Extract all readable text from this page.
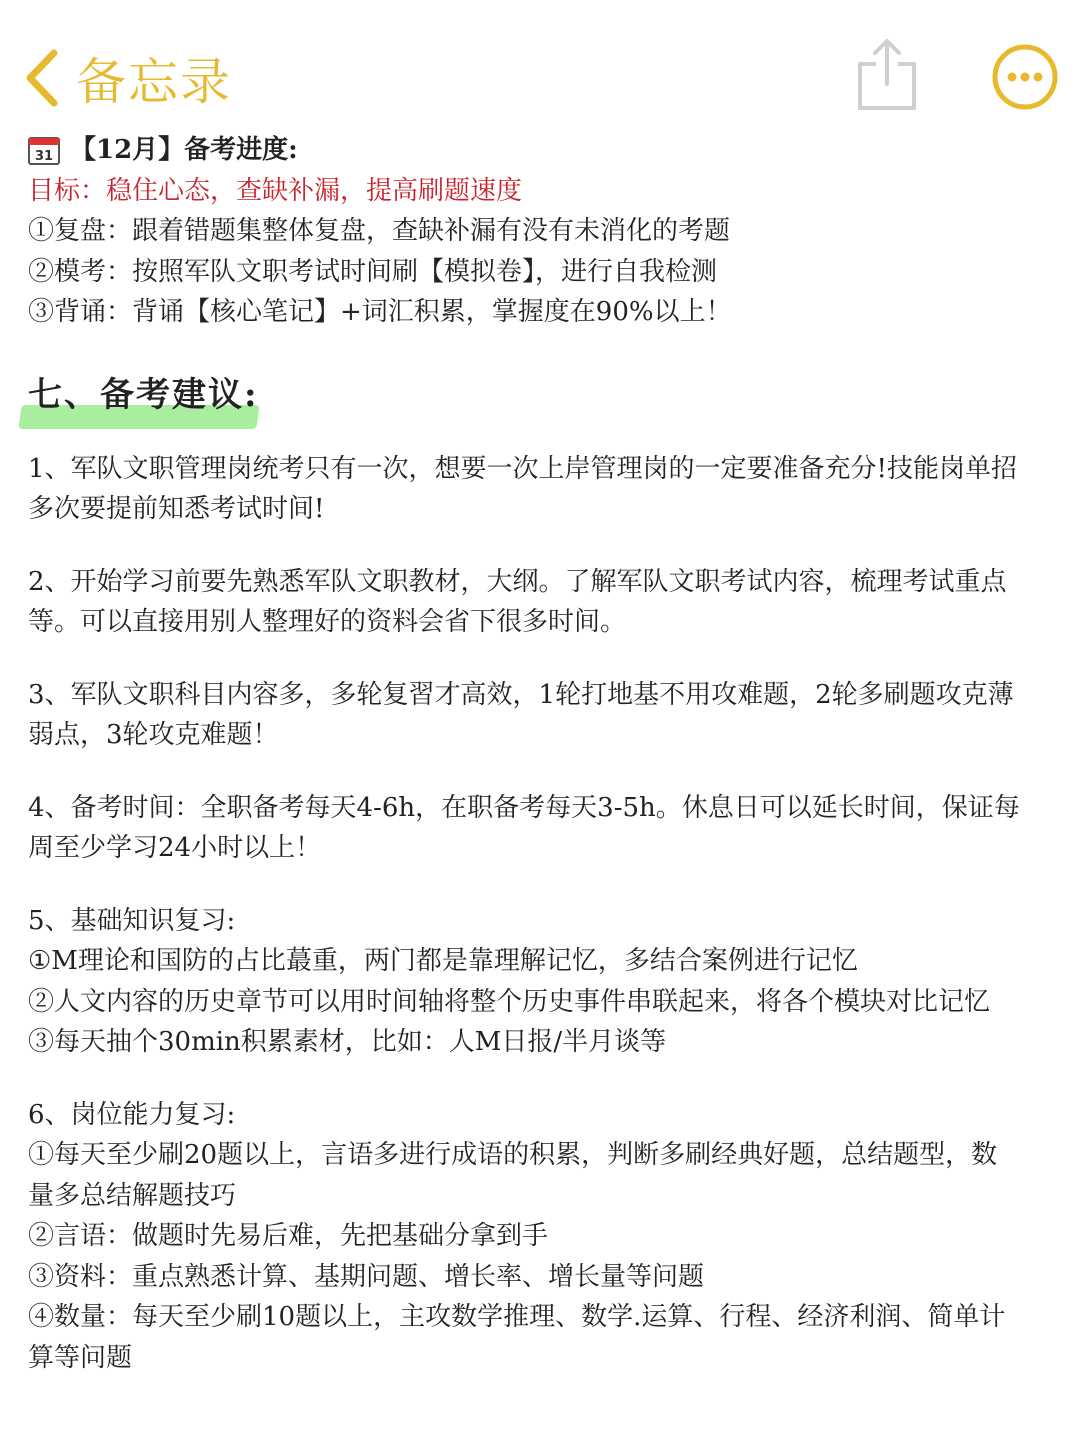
备忘录
31 【12月】备考进度:
目标：稳住心态，查缺补漏，提高刷题速度
①复盘：跟着错题集整体复盘，查缺补漏有没有未消化的考题
②模考：按照军队文职考试时间刷【模拟卷】，进行自我检测
③背诵：背诵【核心笔记】+词汇积累，掌握度在90%以上！
七、备考建议:
1、军队文职管理岗统考只有一次，想要一次上岸管理岗的一定要准备充分!技能岗单招
多次要提前知悉考试时间!
2、开始学习前要先熟悉军队文职教材，大纲。了解军队文职考试内容，梳理考试重点
等。可以直接用别人整理好的资料会省下很多时间。
3、军队文职科目内容多，多轮复習才高效，1轮打地基不用攻难题，2轮多刷题攻克薄
弱点，3轮攻克难题！
4、备考时间：全职备考每天4-6h，在职备考每天3-5h。休息日可以延长时间，保证每
周至少学习24小时以上！
5、基础知识复习:
①M理论和国防的占比蕞重，两门都是靠理解记忆，多结合案例进行记忆
②人文内容的历史章节可以用时间轴将整个历史事件串联起来，将各个模块对比记忆
③每天抽个30min积累素材，比如：人M日报/半月谈等
6、岗位能力复习:
①每天至少刷20题以上，言语多进行成语的积累，判断多刷经典好题，总结题型，数
量多总结解题技巧
②言语：做题时先易后难，先把基础分拿到手
③资料：重点熟悉计算、基期问题、增长率、增长量等问题
④数量：每天至少刷10题以上，主攻数学推理、数学.运算、行程、经济利润、简单计
算等问题
